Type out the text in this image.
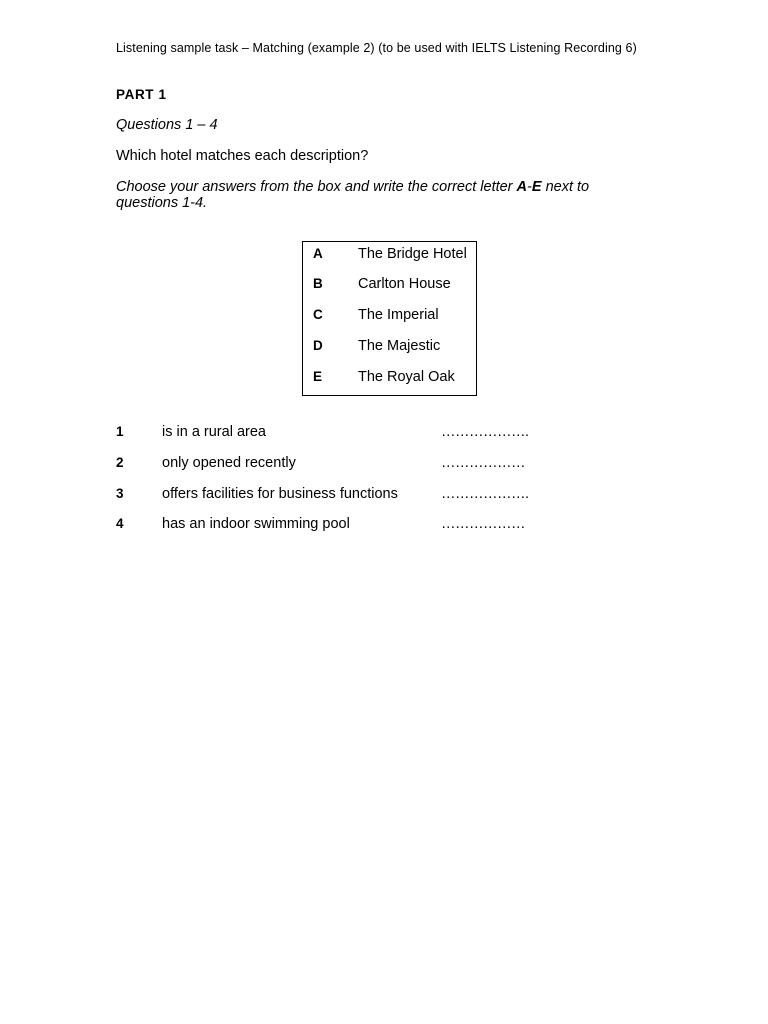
Listening sample task – Matching (example 2) (to be used with IELTS Listening Recording 6)
PART 1
Questions 1 – 4
Which hotel matches each description?
Choose your answers from the box and write the correct letter A-E next to questions 1-4.
A The Bridge Hotel
B Carlton House
C The Imperial
D The Majestic
E The Royal Oak
1	is in a rural area	……………….
2	only opened recently	………………
3	offers facilities for business functions	……………….
4	has an indoor swimming pool	………………
